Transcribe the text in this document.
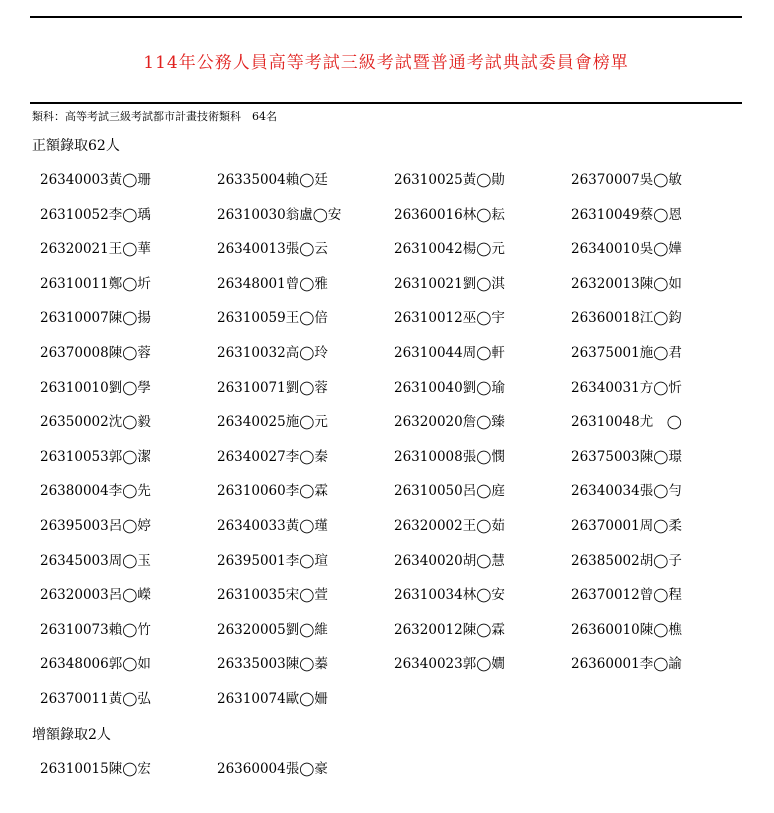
114年公務人員高等考試三級考試暨普通考試典試委員會榜單
類科：高等考試三級考試都市計畫技術類科　64名
正額錄取62人
26340003黃◯珊	26335004賴◯廷	26310025黃◯勛	26370007吳◯敏
26310052李◯瑀	26310030翁盧◯安	26360016林◯耘	26310049蔡◯恩
26320021王◯華	26340013張◯云	26310042楊◯元	26340010吳◯嬅
26310011鄭◯圻	26348001曾◯雅	26310021劉◯淇	26320013陳◯如
26310007陳◯揚	26310059王◯倍	26310012巫◯宇	26360018江◯鈞
26370008陳◯蓉	26310032高◯玲	26310044周◯軒	26375001施◯君
26310010劉◯學	26310071劉◯蓉	26310040劉◯瑜	26340031方◯忻
26350002沈◯毅	26340025施◯元	26320020詹◯臻	26310048尤　◯
26310053郭◯潔	26340027李◯秦	26310008張◯憫	26375003陳◯璟
26380004李◯先	26310060李◯霖	26310050呂◯庭	26340034張◯勻
26395003呂◯婷	26340033黃◯瑾	26320002王◯茹	26370001周◯柔
26345003周◯玉	26395001李◯瑄	26340020胡◯慧	26385002胡◯子
26320003呂◯嶸	26310035宋◯萱	26310034林◯安	26370012曾◯程
26310073賴◯竹	26320005劉◯維	26320012陳◯霖	26360010陳◯樵
26348006郭◯如	26335003陳◯蓁	26340023郭◯嫺	26360001李◯諭
26370011黃◯弘	26310074歐◯姍
增額錄取2人
26310015陳◯宏	26360004張◯豪
